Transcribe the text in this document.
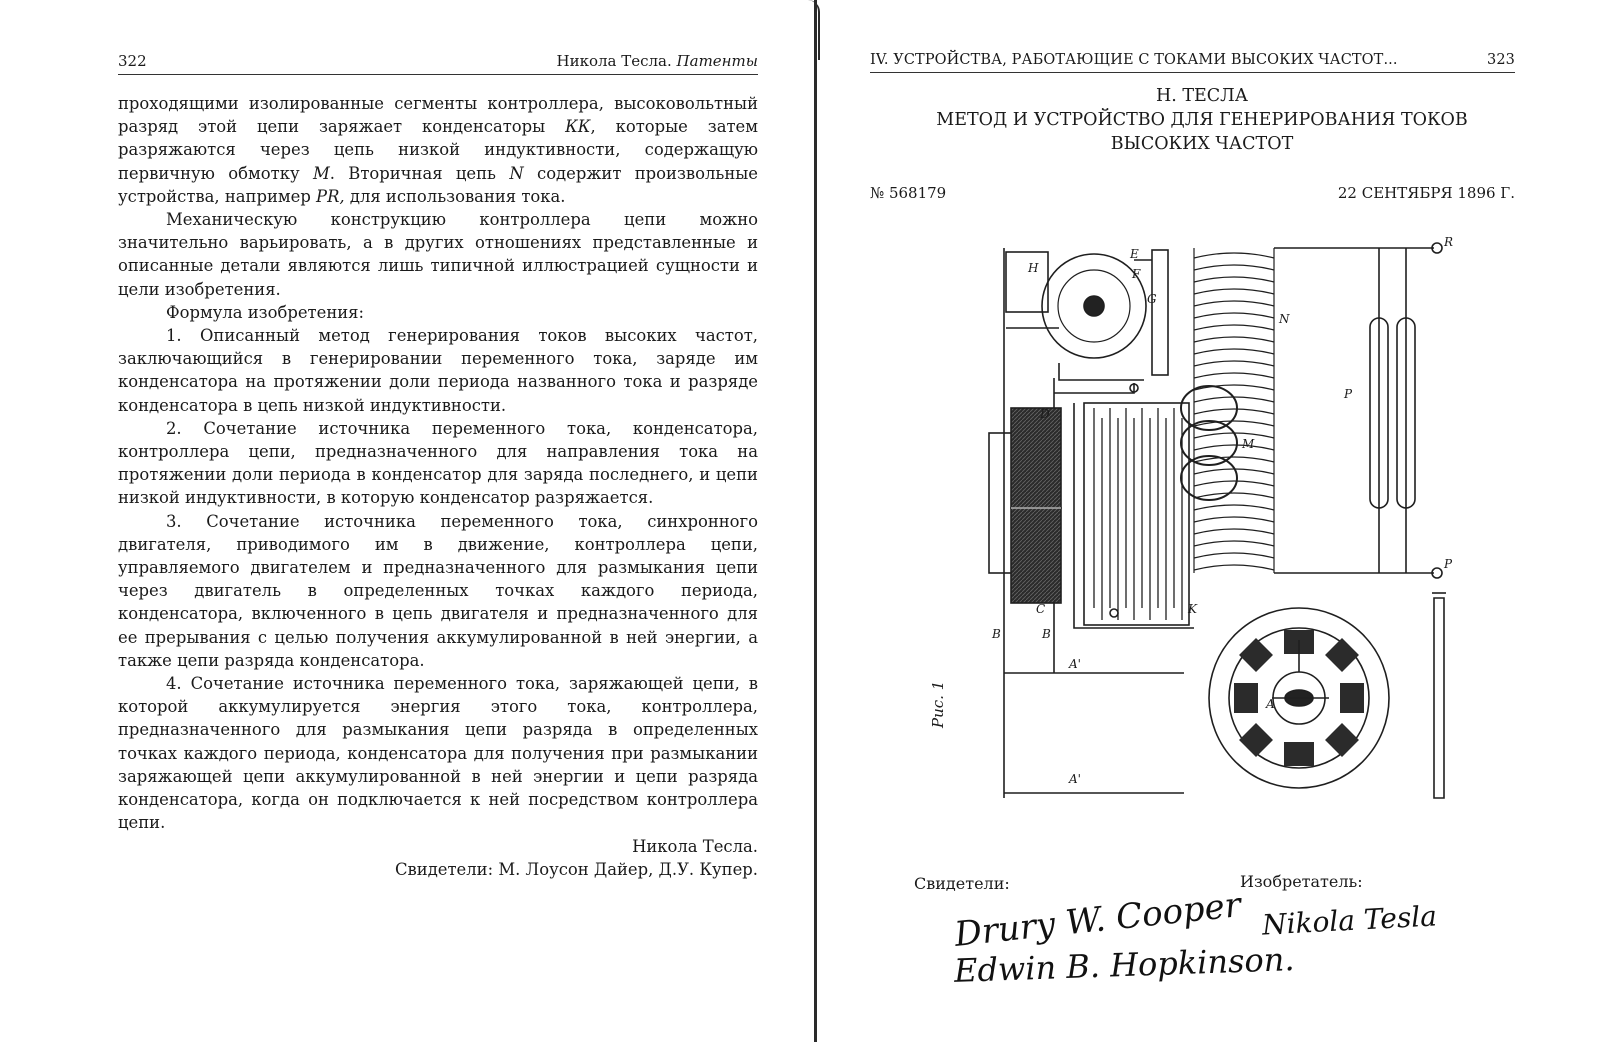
322	Никола Тесла. Патенты

проходящими изолированные сегменты контроллера, высоковольтный разряд этой цепи заряжает конденсаторы КК, которые затем разряжаются через цепь низкой индуктивности, содержащую первичную обмотку М. Вторичная цепь N содержит произвольные устройства, например PR, для использования тока.

Механическую конструкцию контроллера цепи можно значительно варьировать, а в других отношениях представленные и описанные детали являются лишь типичной иллюстрацией сущности и цели изобретения.

Формула изобретения:

1. Описанный метод генерирования токов высоких частот, заключающийся в генерировании переменного тока, заряде им конденсатора на протяжении доли периода названного тока и разряде конденсатора в цепь низкой индуктивности.

2. Сочетание источника переменного тока, конденсатора, контроллера цепи, предназначенного для направления тока на протяжении доли периода в конденсатор для заряда последнего, и цепи низкой индуктивности, в которую конденсатор разряжается.

3. Сочетание источника переменного тока, синхронного двигателя, приводимого им в движение, контроллера цепи, управляемого двигателем и предназначенного для размыкания цепи через двигатель в определенных точках каждого периода, конденсатора, включенного в цепь двигателя и предназначенного для ее прерывания с целью получения аккумулированной в ней энергии, а также цепи разряда конденсатора.

4. Сочетание источника переменного тока, заряжающей цепи, в которой аккумулируется энергия этого тока, контроллера, предназначенного для размыкания цепи разряда в определенных точках каждого периода, конденсатора для получения при размыкании заряжающей цепи аккумулированной в ней энергии и цепи разряда конденсатора, когда он подключается к ней посредством контроллера цепи.

Никола Тесла.

Свидетели: М. Лоусон Дайер, Д.У. Купер.

IV. УСТРОЙСТВА, РАБОТАЮЩИЕ С ТОКАМИ ВЫСОКИХ ЧАСТОТ...	323
Н. ТЕСЛА
МЕТОД И УСТРОЙСТВО ДЛЯ ГЕНЕРИРОВАНИЯ ТОКОВ
ВЫСОКИХ ЧАСТОТ
№ 568179	22 СЕНТЯБРЯ 1896 Г.
Рис. 1
E
H	F
G
N
D
M
P
K
C
B	B
A'
A'
A
R
P
Свидетели:	Изобретатель:
Drury W. Cooper
Edwin B. Hopkinson.
Nikola Tesla
